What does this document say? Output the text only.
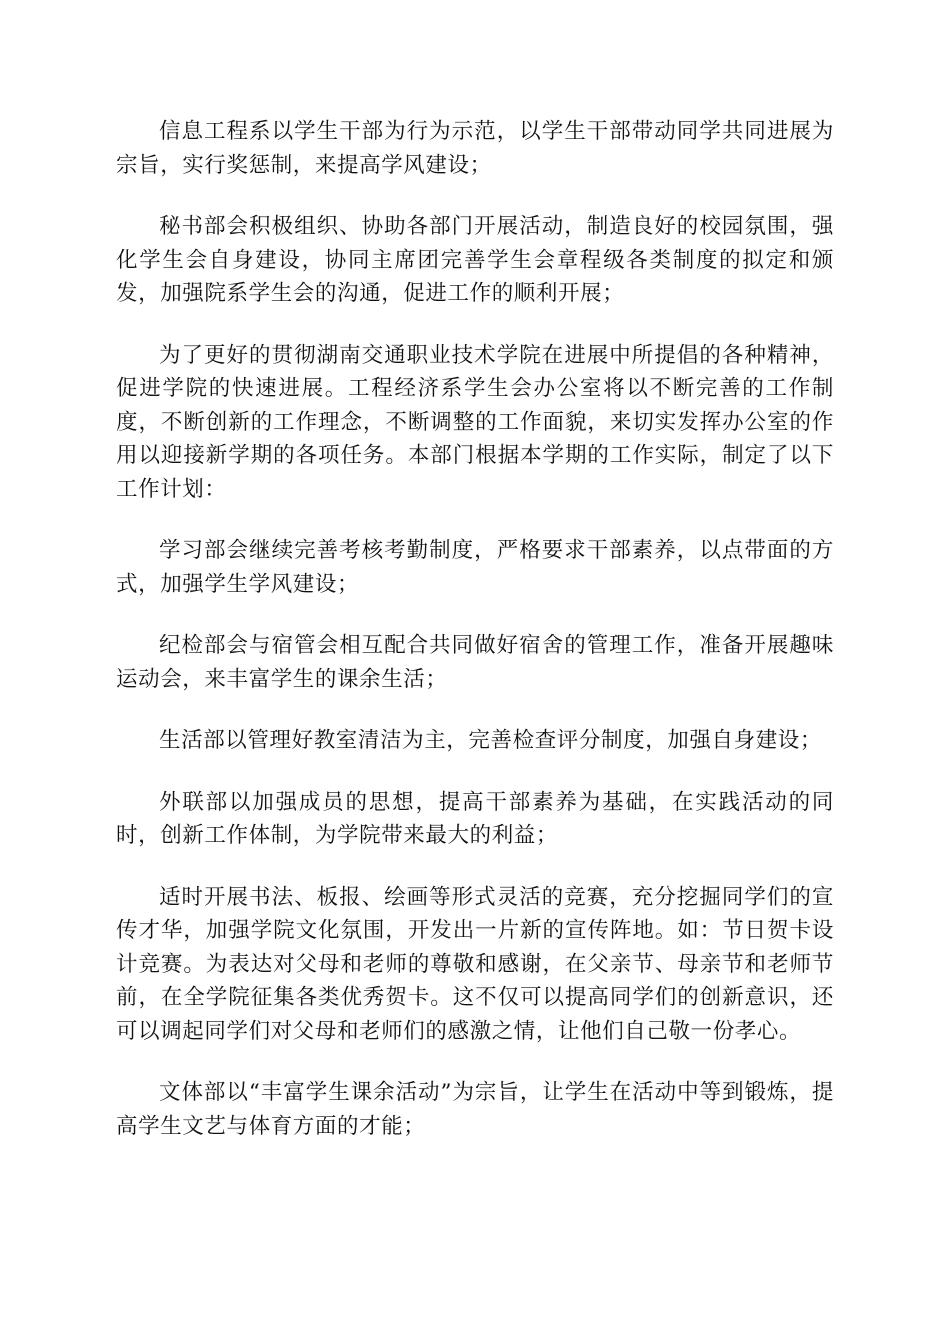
信息工程系以学生干部为行为示范，以学生干部带动同学共同进展为宗旨，实行奖惩制，来提高学风建设；

秘书部会积极组织、协助各部门开展活动，制造良好的校园氛围，强化学生会自身建设，协同主席团完善学生会章程级各类制度的拟定和颁发，加强院系学生会的沟通，促进工作的顺利开展；

为了更好的贯彻湖南交通职业技术学院在进展中所提倡的各种精神，促进学院的快速进展。工程经济系学生会办公室将以不断完善的工作制度，不断创新的工作理念，不断调整的工作面貌，来切实发挥办公室的作用以迎接新学期的各项任务。本部门根据本学期的工作实际，制定了以下工作计划：

学习部会继续完善考核考勤制度，严格要求干部素养，以点带面的方式，加强学生学风建设；

纪检部会与宿管会相互配合共同做好宿舍的管理工作，准备开展趣味运动会，来丰富学生的课余生活；

生活部以管理好教室清洁为主，完善检查评分制度，加强自身建设；

外联部以加强成员的思想，提高干部素养为基础，在实践活动的同时，创新工作体制，为学院带来最大的利益；

适时开展书法、板报、绘画等形式灵活的竞赛，充分挖掘同学们的宣传才华，加强学院文化氛围，开发出一片新的宣传阵地。如：节日贺卡设计竞赛。为表达对父母和老师的尊敬和感谢，在父亲节、母亲节和老师节前，在全学院征集各类优秀贺卡。这不仅可以提高同学们的创新意识，还可以调起同学们对父母和老师们的感激之情，让他们自己敬一份孝心。

文体部以“丰富学生课余活动”为宗旨，让学生在活动中等到锻炼，提高学生文艺与体育方面的才能；
